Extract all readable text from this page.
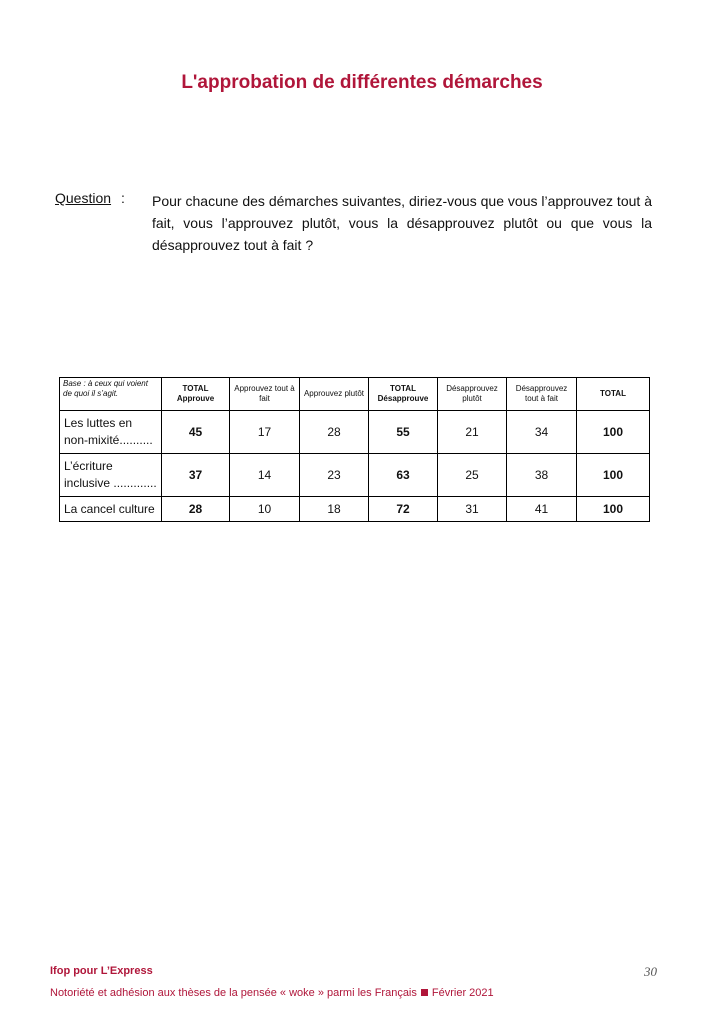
L'approbation de différentes démarches
Question : Pour chacune des démarches suivantes, diriez-vous que vous l’approuvez tout à fait, vous l’approuvez plutôt, vous la désapprouvez plutôt ou que vous la désapprouvez tout à fait ?
Base : à ceux qui voient de quoi il s’agit.	TOTAL Approuve	Approuvez tout à fait	Approuvez plutôt	TOTAL Désapprouve	Désapprouvez plutôt	Désapprouvez tout à fait	TOTAL
Les luttes en non-mixité..........	45	17	28	55	21	34	100
L’écriture inclusive .............	37	14	23	63	25	38	100
La cancel culture	28	10	18	72	31	41	100
Ifop pour L’Express
Notoriété et adhésion aux thèses de la pensée « woke » parmi les Français Février 2021
30
